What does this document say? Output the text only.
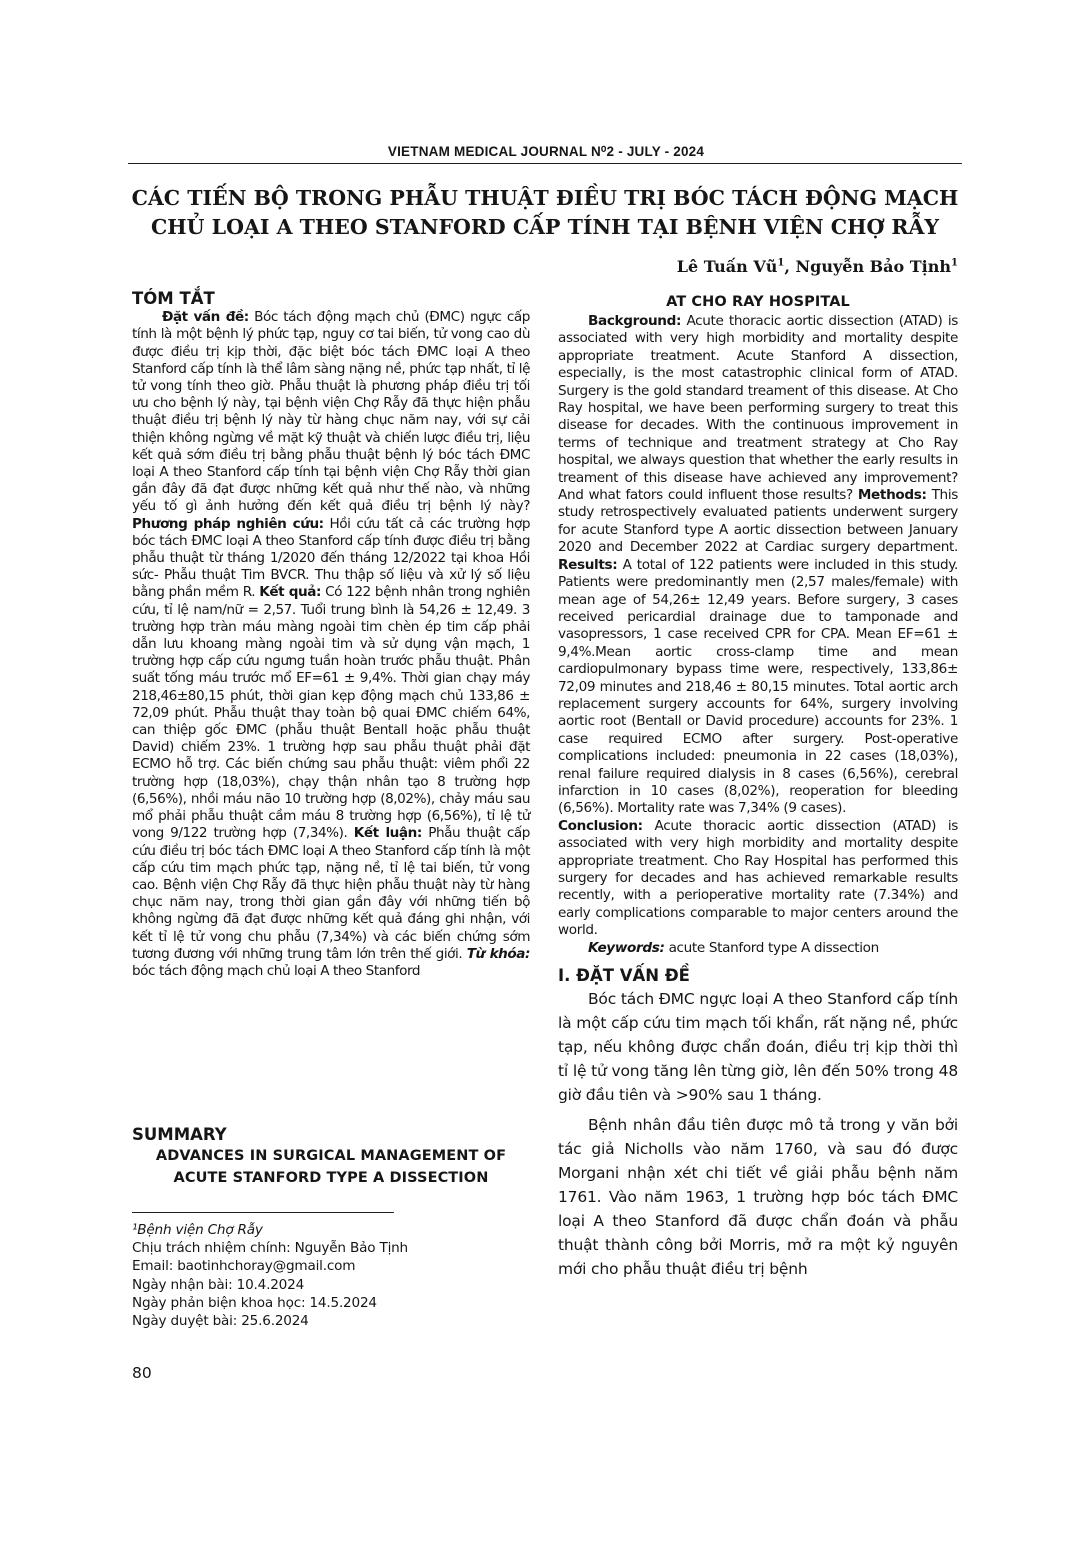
VIETNAM MEDICAL JOURNAL N⁰2 - JULY - 2024
CÁC TIẾN BỘ TRONG PHẪU THUẬT ĐIỀU TRỊ BÓC TÁCH ĐỘNG MẠCH
CHỦ LOẠI A THEO STANFORD CẤP TÍNH TẠI BỆNH VIỆN CHỢ RẪY
Lê Tuấn $Vũ^1$, Nguyễn Bảo Tịnh$^1$

TÓM TẮT

Đặt vấn đề: Bóc tách động mạch chủ (ĐMC) ngực cấp tính là một bệnh lý phức tạp, nguy cơ tai biến, tử vong cao dù được điều trị kịp thời, đặc biệt bóc tách ĐMC loại A theo Stanford cấp tính là thể lâm sàng nặng nề, phức tạp nhất, tỉ lệ tử vong tính theo giờ. Phẫu thuật là phương pháp điều trị tối ưu cho bệnh lý này, tại bệnh viện Chợ Rẫy đã thực hiện phẫu thuật điều trị bệnh lý này từ hàng chục năm nay, với sự cải thiện không ngừng về mặt kỹ thuật và chiến lược điều trị, liệu kết quả sớm điều trị bằng phẫu thuật bệnh lý bóc tách ĐMC loại A theo Stanford cấp tính tại bệnh viện Chợ Rẫy thời gian gần đây đã đạt được những kết quả như thế nào, và những yếu tố gì ảnh hưởng đến kết quả điều trị bệnh lý này? Phương pháp nghiên cứu: Hồi cứu tất cả các trường hợp bóc tách ĐMC loại A theo Stanford cấp tính được điều trị bằng phẫu thuật từ tháng 1/2020 đến tháng 12/2022 tại khoa Hồi sức- Phẫu thuật Tim BVCR. Thu thập số liệu và xử lý số liệu bằng phần mềm R. Kết quả: Có 122 bệnh nhân trong nghiên cứu, tỉ lệ nam/nữ = 2,57. Tuổi trung bình là 54,26 ± 12,49. 3 trường hợp tràn máu màng ngoài tim chèn ép tim cấp phải dẫn lưu khoang màng ngoài tim và sử dụng vận mạch, 1 trường hợp cấp cứu ngưng tuần hoàn trước phẫu thuật. Phân suất tống máu trước mổ EF=61 ± 9,4%. Thời gian chạy máy 218,46±80,15 phút, thời gian kẹp động mạch chủ 133,86 ± 72,09 phút. Phẫu thuật thay toàn bộ quai ĐMC chiếm 64%, can thiệp gốc ĐMC (phẫu thuật Bentall hoặc phẫu thuật David) chiếm 23%. 1 trường hợp sau phẫu thuật phải đặt ECMO hỗ trợ. Các biến chứng sau phẫu thuật: viêm phổi 22 trường hợp (18,03%), chạy thận nhân tạo 8 trường hợp (6,56%), nhồi máu não 10 trường hợp (8,02%), chảy máu sau mổ phải phẫu thuật cầm máu 8 trường hợp (6,56%), tỉ lệ tử vong 9/122 trường hợp (7,34%). Kết luận: Phẫu thuật cấp cứu điều trị bóc tách ĐMC loại A theo Stanford cấp tính là một cấp cứu tim mạch phức tạp, nặng nề, tỉ lệ tai biến, tử vong cao. Bệnh viện Chợ Rẫy đã thực hiện phẫu thuật này từ hàng chục năm nay, trong thời gian gần đây với những tiến bộ không ngừng đã đạt được những kết quả đáng ghi nhận, với kết tỉ lệ tử vong chu phẫu (7,34%) và các biến chứng sớm tương đương với những trung tâm lớn trên thế giới. Từ khóa: bóc tách động mạch chủ loại A theo Stanford

SUMMARY

ADVANCES IN SURGICAL MANAGEMENT OF

ACUTE STANFORD TYPE A DISSECTION

¹Bệnh viện Chợ Rẫy

Chịu trách nhiệm chính: Nguyễn Bảo Tịnh

Email: baotinhchoray@gmail.com

Ngày nhận bài: 10.4.2024

Ngày phản biện khoa học: 14.5.2024

Ngày duyệt bài: 25.6.2024

80

AT CHO RAY HOSPITAL

Background: Acute thoracic aortic dissection (ATAD) is associated with very high morbidity and mortality despite appropriate treatment. Acute Stanford A dissection, especially, is the most catastrophic clinical form of ATAD. Surgery is the gold standard treament of this disease. At Cho Ray hospital, we have been performing surgery to treat this disease for decades. With the continuous improvement in terms of technique and treatment strategy at Cho Ray hospital, we always question that whether the early results in treament of this disease have achieved any improvement? And what fators could influent those results? Methods: This study retrospectively evaluated patients underwent surgery for acute Stanford type A aortic dissection between January 2020 and December 2022 at Cardiac surgery department. Results: A total of 122 patients were included in this study. Patients were predominantly men (2,57 males/female) with mean age of 54,26± 12,49 years. Before surgery, 3 cases received pericardial drainage due to tamponade and vasopressors, 1 case received CPR for CPA. Mean EF=61 ± 9,4%.Mean aortic cross-clamp time and mean cardiopulmonary bypass time were, respectively, 133,86± 72,09 minutes and 218,46 ± 80,15 minutes. Total aortic arch replacement surgery accounts for 64%, surgery involving aortic root (Bentall or David procedure) accounts for 23%. 1 case required ECMO after surgery. Post-operative complications included: pneumonia in 22 cases (18,03%), renal failure required dialysis in 8 cases (6,56%), cerebral infarction in 10 cases (8,02%), reoperation for bleeding (6,56%). Mortality rate was 7,34% (9 cases).
Conclusion: Acute thoracic aortic dissection (ATAD) is associated with very high morbidity and mortality despite appropriate treatment. Cho Ray Hospital has performed this surgery for decades and has achieved remarkable results recently, with a perioperative mortality rate (7.34%) and early complications comparable to major centers around the world.

Keywords: acute Stanford type A dissection

I. ĐẶT VẤN ĐỀ

Bóc tách ĐMC ngực loại A theo Stanford cấp tính là một cấp cứu tim mạch tối khẩn, rất nặng nề, phức tạp, nếu không được chẩn đoán, điều trị kịp thời thì tỉ lệ tử vong tăng lên từng giờ, lên đến 50% trong 48 giờ đầu tiên và >90% sau 1 tháng.

Bệnh nhân đầu tiên được mô tả trong y văn bởi tác giả Nicholls vào năm 1760, và sau đó được Morgani nhận xét chi tiết về giải phẫu bệnh năm 1761. Vào năm 1963, 1 trường hợp bóc tách ĐMC loại A theo Stanford đã được chẩn đoán và phẫu thuật thành công bởi Morris, mở ra một kỷ nguyên mới cho phẫu thuật điều trị bệnh
